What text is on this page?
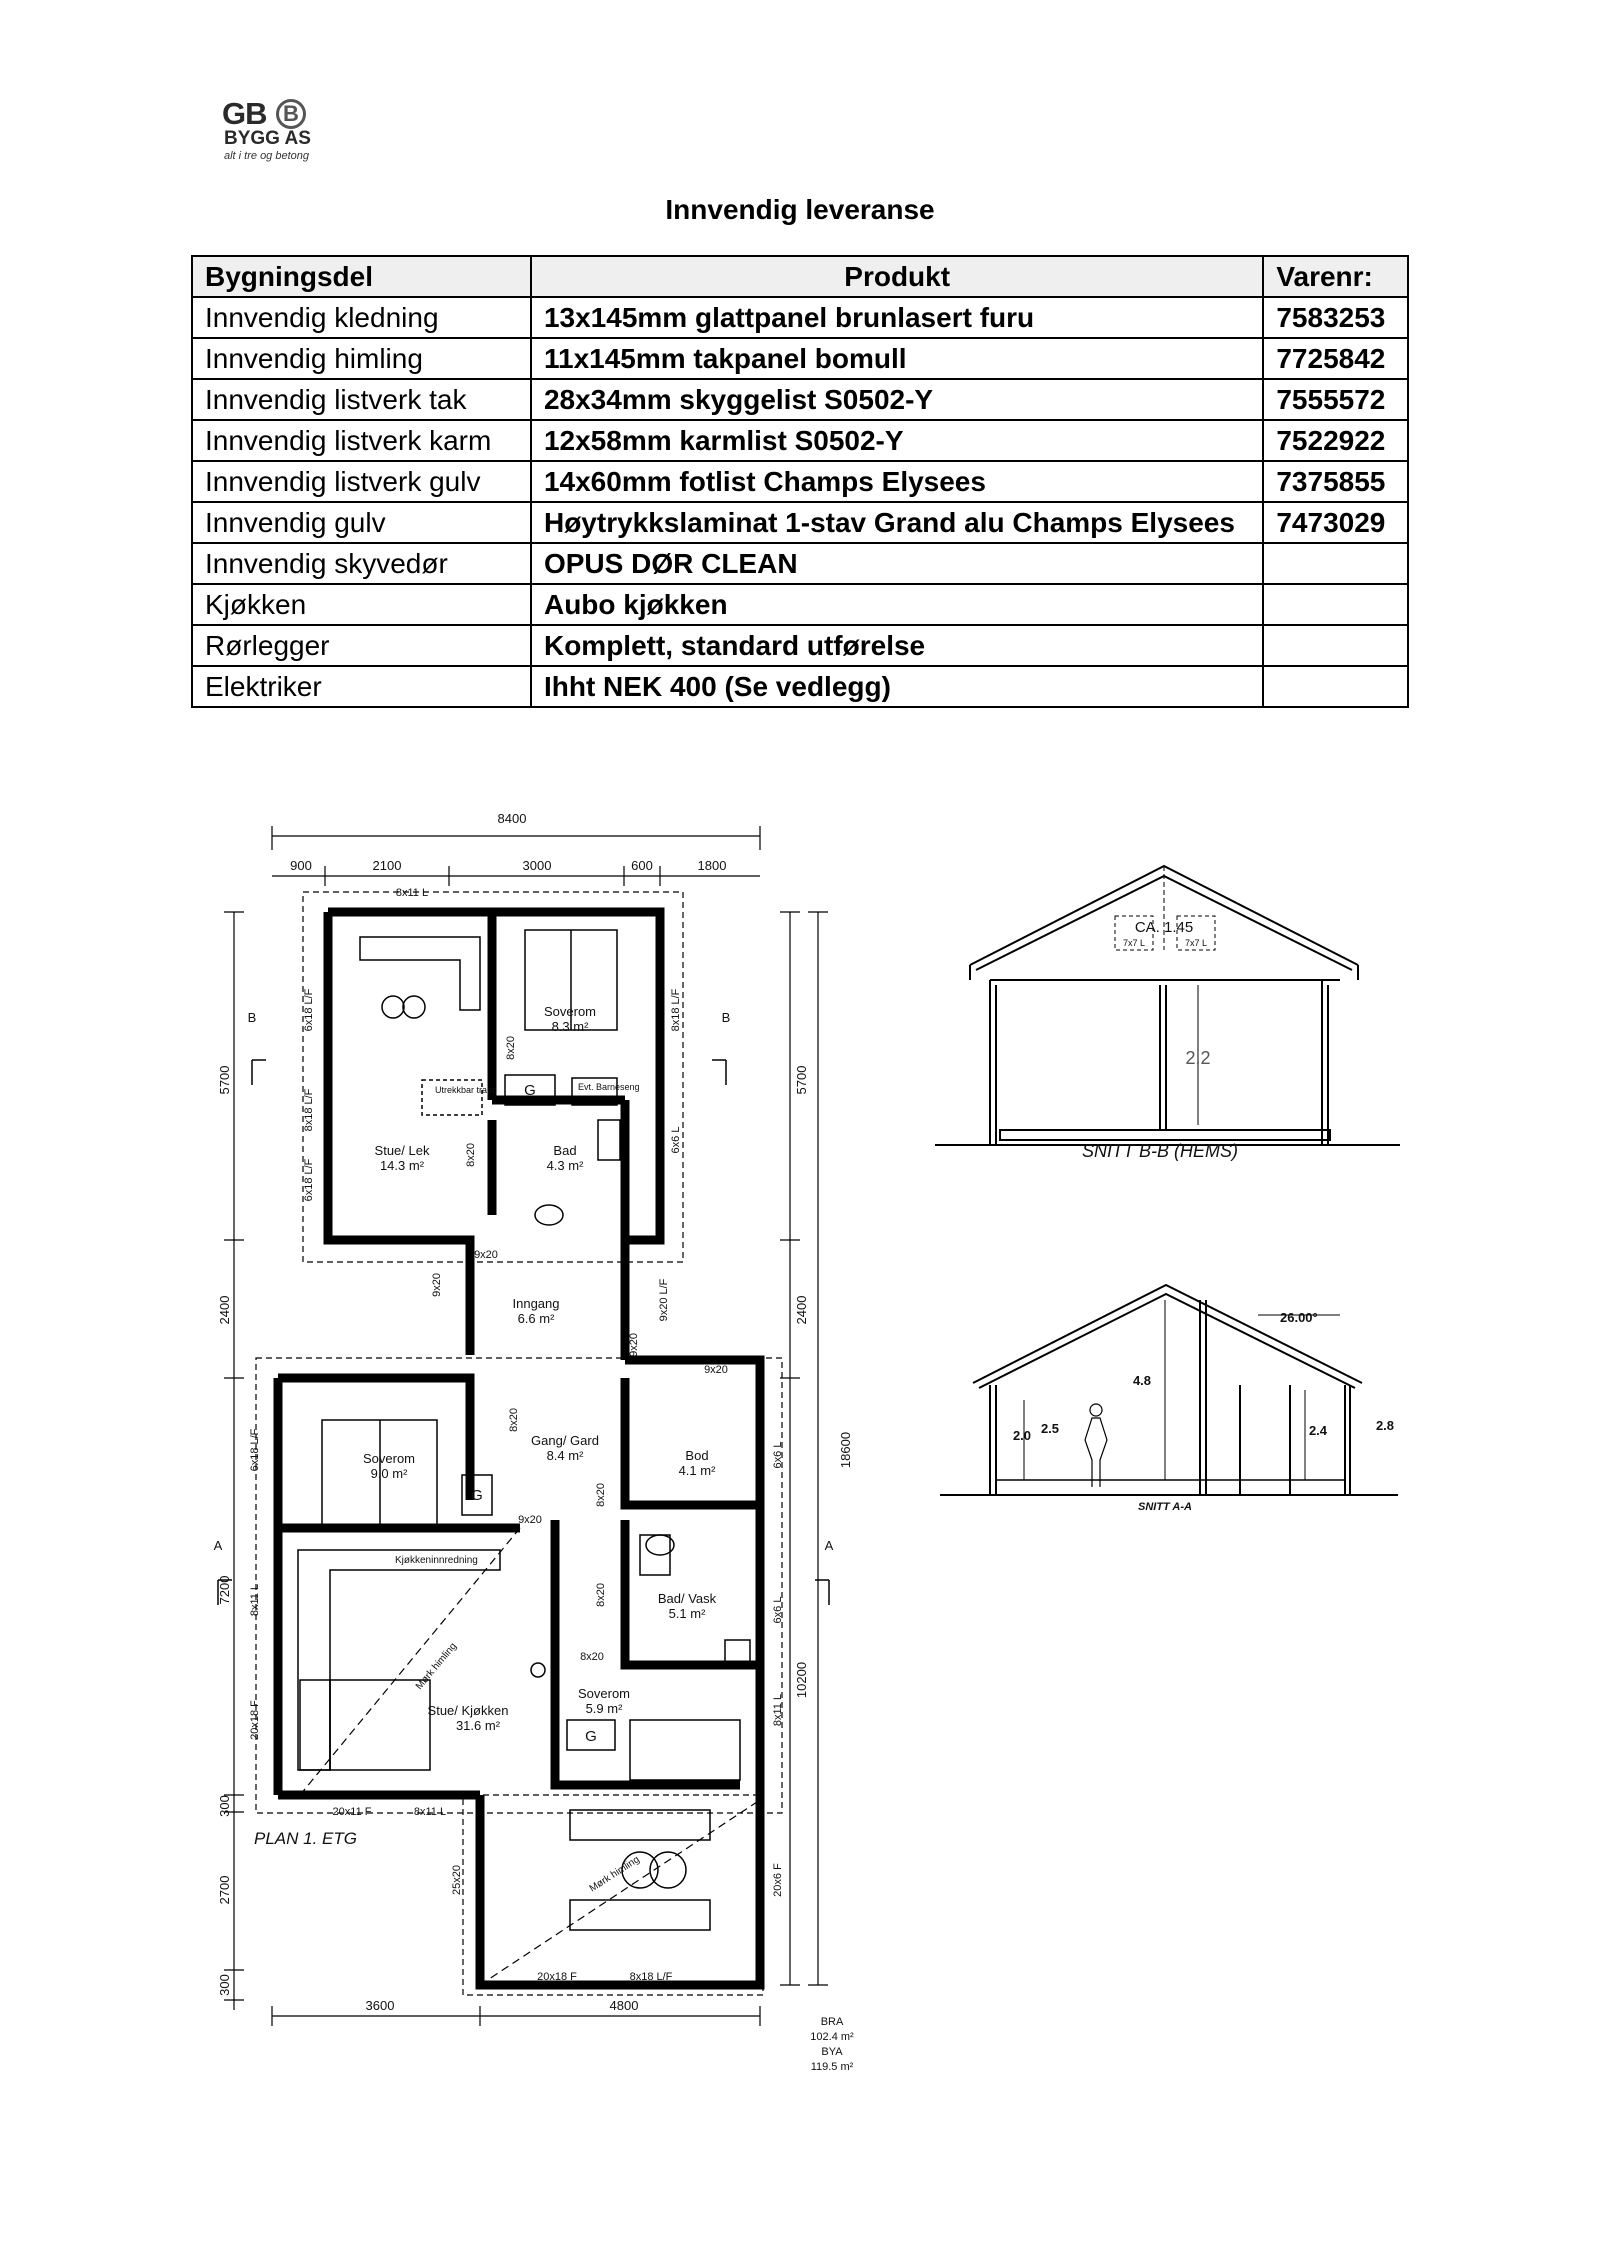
GB B
BYGG AS
alt i tre og betong
Innvendig leveranse
Bygningsdel	Produkt	Varenr:
Innvendig kledning	13x145mm glattpanel brunlasert furu	7583253
Innvendig himling	11x145mm takpanel bomull	7725842
Innvendig listverk tak	28x34mm skyggelist S0502-Y	7555572
Innvendig listverk karm	12x58mm karmlist S0502-Y	7522922
Innvendig listverk gulv	14x60mm fotlist Champs Elysees	7375855
Innvendig gulv	Høytrykkslaminat 1-stav Grand alu Champs Elysees	7473029
Innvendig skyvedør	OPUS DØR CLEAN	
Kjøkken	Aubo kjøkken	
Rørlegger	Komplett, standard utførelse	
Elektriker	Ihht NEK 400 (Se vedlegg)	
8400
900	2100	3000	600	1800
3600	4800
5700
2400
7200
300
2700
300
5700
2400
10200
18600
B	B
A	A
Soverom
8.3 m²
Stue/ Lek
14.3 m²
Bad
4.3 m²
Inngang
6.6 m²
Soverom
9.0 m²
Gang/ Gard
8.4 m²	Bod
4.1 m²
Bad/ Vask
5.1 m²
Stue/ Kjøkken
31.6 m²
Soverom
5.9 m²
Utrekkbar trapp	Evt. Barneseng
Kjøkkeninnredning
Mørk himling
Mørk himling
G
G
G
8x11 L
6x18 L/F
8x18 L/F
8x18 L/F
6x18 L/F
6x6 L
8x20
8x20
9x20
9x20
9x20
9x20 L/F
9x20
8x20
9x20
8x20
8x20
8x20
6x6 L
6x6 L
6x18 L/F
8x11 L
20x18 F	8x11 L
20x11 F	8x11 L
25x20	20x6 F
20x18 F	8x18 L/F
PLAN 1. ETG
BRA
102.4 m²
BYA
119.5 m²
CA. 1.45
7x7 L	7x7 L
2.2
SNITT B-B (HEMS)
26.00°
4.8
2.0 2.5	2.4	2.8
SNITT A-A
